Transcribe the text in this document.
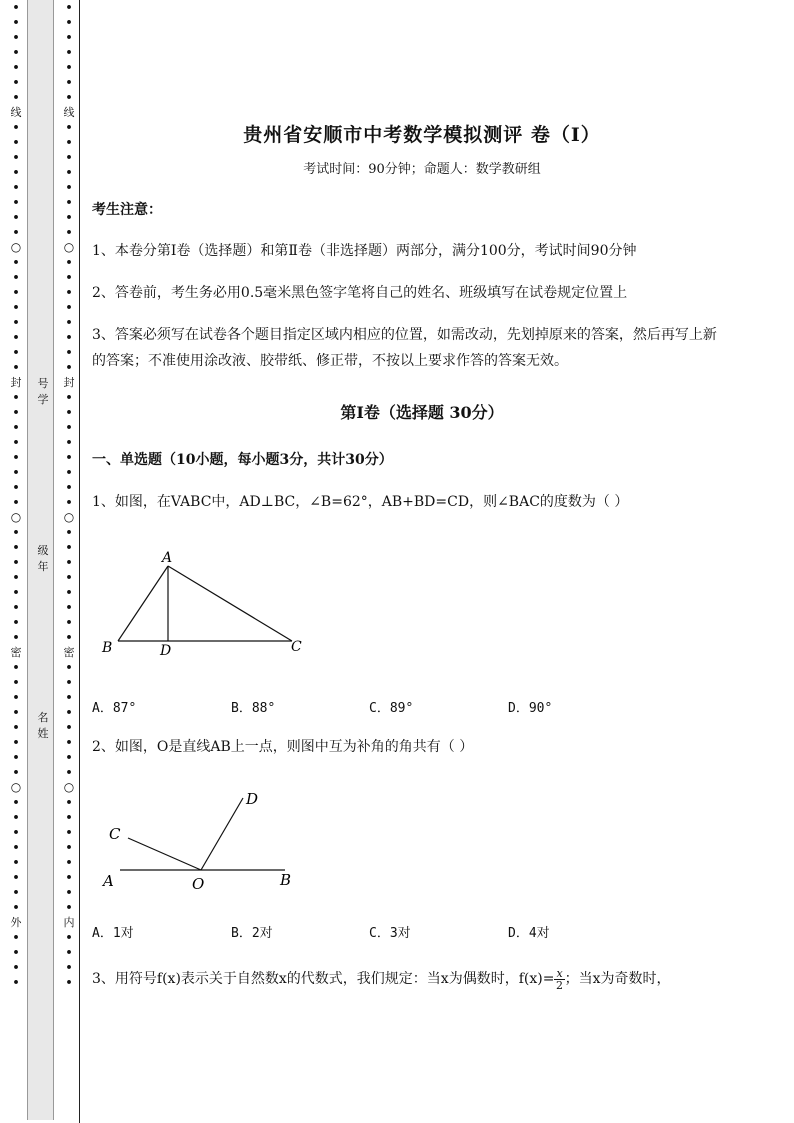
•
•
•
•
•
•
•
线
•
•
•
•
•
•
•
•
○
•
•
•
•
•
•
•
•
封
•
•
•
•
•
•
•
•
○
•
•
•
•
•
•
•
•
密
•
•
•
•
•
•
•
•
○
•
•
•
•
•
•
•
•
外
•
•
•
•
•
•
•
•
•
•
•
线
•
•
•
•
•
•
•
•
○
•
•
•
•
•
•
•
•
封
•
•
•
•
•
•
•
•
○
•
•
•
•
•
•
•
•
密
•
•
•
•
•
•
•
•
○
•
•
•
•
•
•
•
•
内
•
•
•
•
号学
级年
名姓
贵州省安顺市中考数学模拟测评 卷（Ⅰ）
考试时间：90分钟；命题人：数学教研组
考生注意：
1、本卷分第Ⅰ卷（选择题）和第Ⅱ卷（非选择题）两部分，满分100分，考试时间90分钟
2、答卷前，考生务必用0.5毫米黑色签字笔将自己的姓名、班级填写在试卷规定位置上
3、答案必须写在试卷各个题目指定区域内相应的位置，如需改动，先划掉原来的答案，然后再写上新
的答案；不准使用涂改液、胶带纸、修正带，不按以上要求作答的答案无效。
第Ⅰ卷（选择题 30分）
一、单选题（10小题，每小题3分，共计30分）
1、如图，在VABC中，AD⊥BC，∠B=62°，AB+BD=CD，则∠BAC的度数为（ ）
A
B	D	C
A．87°	B．88°	C．89°	D．90°
2、如图，O是直线AB上一点，则图中互为补角的角共有（ ）
D
C
A	O	B
A．1对	B．2对	C．3对	D．4对
3、用符号f(x)表示关于自然数x的代数式，我们规定：当x为偶数时，$f(x)= \frac{x}{2}$ ；当x为奇数时，
